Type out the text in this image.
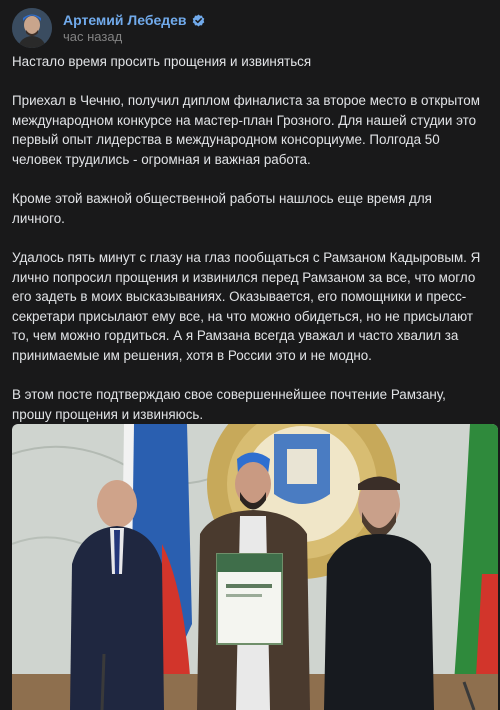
Артемий Лебедев
час назад

Настало время просить прощения и извиняться

Приехал в Чечню, получил диплом финалиста за второе место в открытом международном конкурсе на мастер-план Грозного. Для нашей студии это первый опыт лидерства в международном консорциуме. Полгода 50 человек трудились - огромная и важная работа.

Кроме этой важной общественной работы нашлось еще время для личного.

Удалось пять минут с глазу на глаз пообщаться с Рамзаном Кадыровым. Я лично попросил прощения и извинился перед Рамзаном за все, что могло его задеть в моих высказываниях. Оказывается, его помощники и пресс-секретари присылают ему все, на что можно обидеться, но не присылают то, чем можно гордиться. А я Рамзана всегда уважал и часто хвалил за принимаемые им решения, хотя в России это и не модно.

В этом посте подтверждаю свое совершеннейшее почтение Рамзану, прошу прощения и извиняюсь.
